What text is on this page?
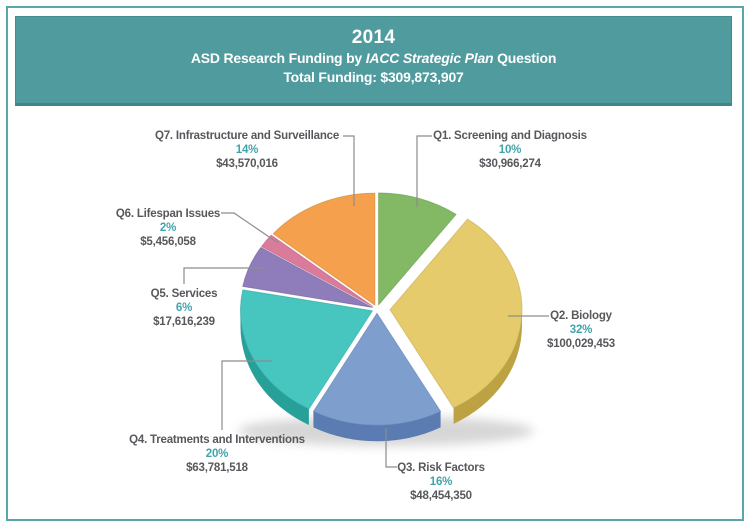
2014
ASD Research Funding by IACC Strategic Plan Question
Total Funding: $309,873,907
Q1. Screening and Diagnosis
10%
$30,966,274
Q2. Biology
32%
$100,029,453
Q3. Risk Factors
16%
$48,454,350
Q4. Treatments and Interventions
20%
$63,781,518
Q5. Services
6%
$17,616,239
Q6. Lifespan Issues
2%
$5,456,058
Q7. Infrastructure and Surveillance
14%
$43,570,016
